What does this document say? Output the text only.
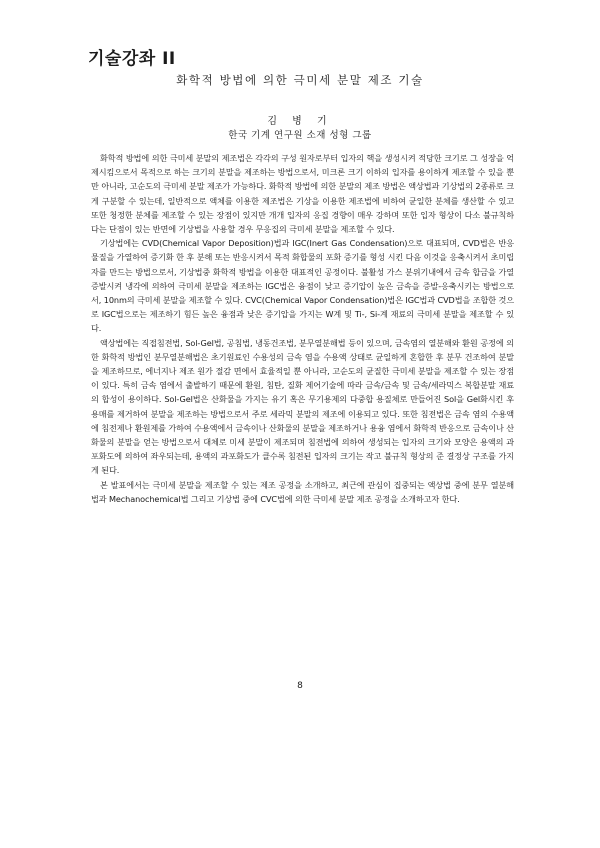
기술강좌 II
화학적 방법에 의한 극미세 분말 제조 기술
김 병 기
한국 기계 연구원 소재 성형 그룹

화학적 방법에 의한 극미세 분말의 제조법은 각각의 구성 원자로부터 입자의 핵을 생성시켜 적당한 크기로 그 성장을 억제시킴으로서 목적으로 하는 크기의 분말을 제조하는 방법으로서, 미크론 크기 이하의 입자를 용이하게 제조할 수 있을 뿐만 아니라, 고순도의 극미세 분말 제조가 가능하다. 화학적 방법에 의한 분말의 제조 방법은 액상법과 기상법의 2종류로 크게 구분할 수 있는데, 일반적으로 액체를 이용한 제조법은 기상을 이용한 제조법에 비하여 균일한 분체를 생산할 수 있고 또한 청정한 분체를 제조할 수 있는 장점이 있지만 개개 입자의 응집 경향이 매우 강하며 또한 입자 형상이 다소 불규칙하다는 단점이 있는 반면에 기상법을 사용할 경우 무응집의 극미세 분말을 제조할 수 있다.

기상법에는 CVD(Chemical Vapor Deposition)법과 IGC(Inert Gas Condensation)으로 대표되며, CVD법은 반응 물질을 가열하여 증기화 한 후 분해 또는 반응시켜서 목적 화합물의 포화 증기를 형성 시킨 다음 이것을 응축시켜서 초미립자를 만드는 방법으로서, 기상법중 화학적 방법을 이용한 대표적인 공정이다. 불활성 가스 분위기내에서 금속 합금을 가열 증발시켜 냉각에 의하여 극미세 분말을 제조하는 IGC법은 융점이 낮고 증기압이 높은 금속을 증발-응축시키는 방법으로서, 10nm의 극미세 분말을 제조할 수 있다. CVC(Chemical Vapor Condensation)법은 IGC법과 CVD법을 조합한 것으로 IGC법으로는 제조하기 힘든 높은 융점과 낮은 증기압을 가지는 W계 및 Ti-, Si-계 재료의 극미세 분말을 제조할 수 있다.

액상법에는 직접침전법, Sol-Gel법, 공침법, 냉동건조법, 분무열분해법 등이 있으며, 금속염의 열분해와 환원 공정에 의한 화학적 방법인 분무열분해법은 초기원료인 수용성의 금속 염을 수용액 상태로 균일하게 혼합한 후 분무 건조하여 분말을 제조하므로, 에너지나 제조 원가 절감 면에서 효율적일 뿐 아니라, 고순도의 균질한 극미세 분말을 제조할 수 있는 장점이 있다. 특히 금속 염에서 출발하기 때문에 환원, 침탄, 질화 제어기술에 따라 금속/금속 및 금속/세라믹스 복합분말 재료의 합성이 용이하다. Sol-Gel법은 산화물을 가지는 유기 혹은 무기용제의 다중합 용질체로 만들어진 Sol을 Gel화시킨 후 용매를 제거하여 분말을 제조하는 방법으로서 주로 세라믹 분말의 제조에 이용되고 있다. 또한 침전법은 금속 염의 수용액에 침전제나 환원제를 가하여 수용액에서 금속이나 산화물의 분말을 제조하거나 용융 염에서 화학적 반응으로 금속이나 산화물의 분말을 얻는 방법으로서 대체로 미세 분말이 제조되며 침전법에 의하여 생성되는 입자의 크기와 모양은 용액의 과포화도에 의하여 좌우되는데, 용액의 과포화도가 클수록 침전된 입자의 크기는 작고 불규칙 형상의 준 결정상 구조를 가지게 된다.

본 발표에서는 극미세 분말을 제조할 수 있는 제조 공정을 소개하고, 최근에 관심이 집중되는 액상법 중에 분무 열분해법과 Mechanochemical법 그리고 기상법 중에 CVC법에 의한 극미세 분말 제조 공정을 소개하고자 한다.

8
